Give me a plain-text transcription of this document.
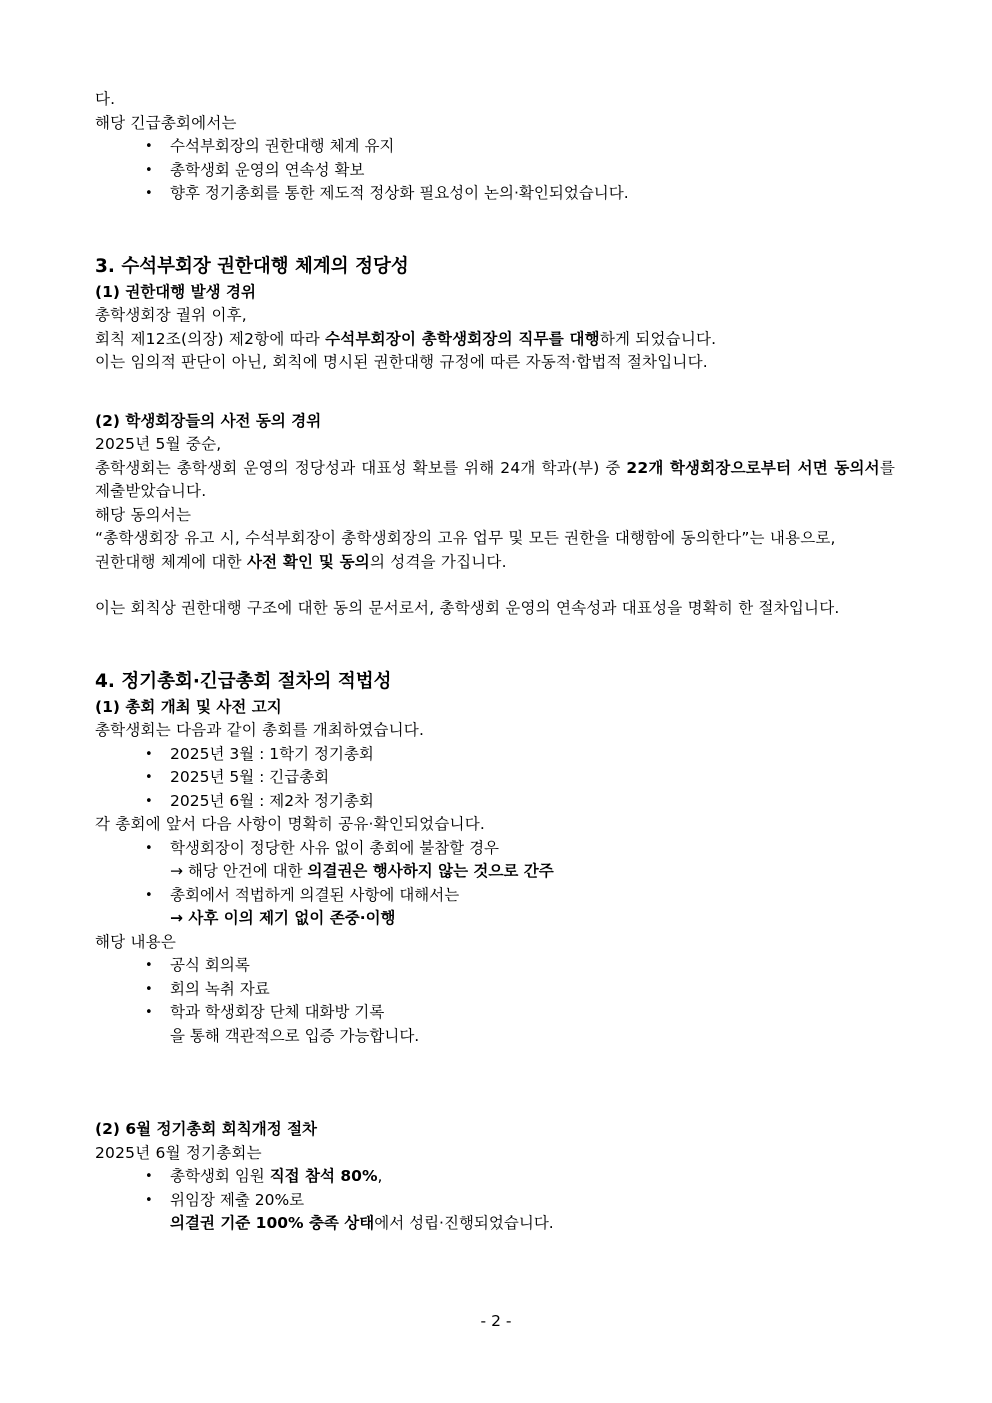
다.
해당 긴급총회에서는
• 수석부회장의 권한대행 체계 유지
• 총학생회 운영의 연속성 확보
• 향후 정기총회를 통한 제도적 정상화 필요성이 논의·확인되었습니다.
3. 수석부회장 권한대행 체계의 정당성
(1) 권한대행 발생 경위
총학생회장 궐위 이후,
회칙 제12조(의장) 제2항에 따라 수석부회장이 총학생회장의 직무를 대행하게 되었습니다.
이는 임의적 판단이 아닌, 회칙에 명시된 권한대행 규정에 따른 자동적·합법적 절차입니다.
(2) 학생회장들의 사전 동의 경위
2025년 5월 중순,
총학생회는 총학생회 운영의 정당성과 대표성 확보를 위해 24개 학과(부) 중 22개 학생회장으로부터 서면 동의서를 제출받았습니다.
해당 동의서는
“총학생회장 유고 시, 수석부회장이 총학생회장의 고유 업무 및 모든 권한을 대행함에 동의한다”는 내용으로,
권한대행 체계에 대한 사전 확인 및 동의의 성격을 가집니다.
이는 회칙상 권한대행 구조에 대한 동의 문서로서, 총학생회 운영의 연속성과 대표성을 명확히 한 절차입니다.
4. 정기총회·긴급총회 절차의 적법성
(1) 총회 개최 및 사전 고지
총학생회는 다음과 같이 총회를 개최하였습니다.
• 2025년 3월 : 1학기 정기총회
• 2025년 5월 : 긴급총회
• 2025년 6월 : 제2차 정기총회
각 총회에 앞서 다음 사항이 명확히 공유·확인되었습니다.
• 학생회장이 정당한 사유 없이 총회에 불참할 경우
→ 해당 안건에 대한 의결권은 행사하지 않는 것으로 간주
• 총회에서 적법하게 의결된 사항에 대해서는
→ 사후 이의 제기 없이 존중·이행
해당 내용은
• 공식 회의록
• 회의 녹취 자료
• 학과 학생회장 단체 대화방 기록
을 통해 객관적으로 입증 가능합니다.
(2) 6월 정기총회 회칙개정 절차
2025년 6월 정기총회는
• 총학생회 임원 직접 참석 80%,
• 위임장 제출 20%로
의결권 기준 100% 충족 상태에서 성립·진행되었습니다.
- 2 -
